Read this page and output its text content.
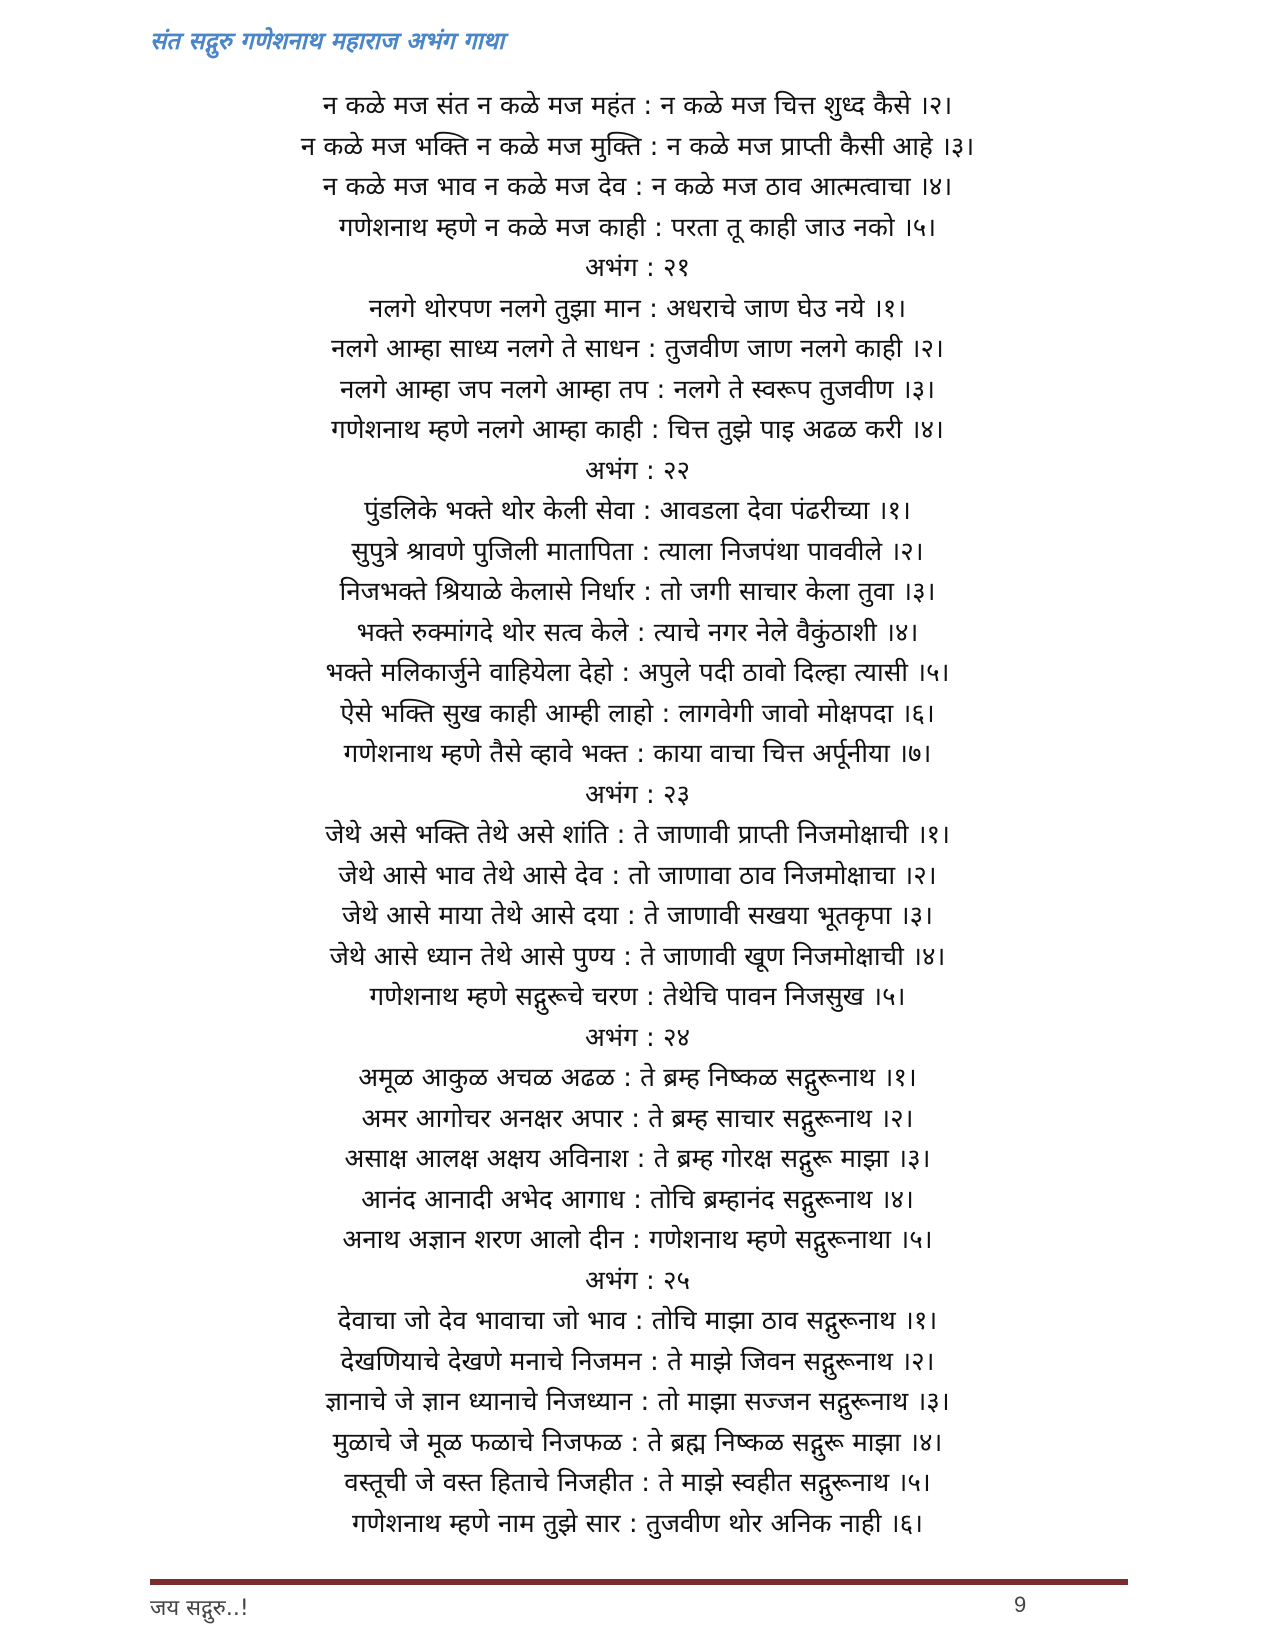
संत सद्गुरु गणेशनाथ महाराज अभंग गाथा
न कळे मज संत न कळे मज महंत : न कळे मज चित्त शुध्द कैसे ।२।
न कळे मज भक्ति न कळे मज मुक्ति : न कळे मज प्राप्ती कैसी आहे ।३।
न कळे मज भाव न कळे मज देव : न कळे मज ठाव आत्मत्वाचा ।४।
गणेशनाथ म्हणे न कळे मज काही : परता तू काही जाउ नको ।५।
अभंग : २१
नलगे थोरपण नलगे तुझा मान : अधराचे जाण घेउ नये ।१।
नलगे आम्हा साध्य नलगे ते साधन : तुजवीण जाण नलगे काही ।२।
नलगे आम्हा जप नलगे आम्हा तप : नलगे ते स्वरूप तुजवीण ।३।
गणेशनाथ म्हणे नलगे आम्हा काही : चित्त तुझे पाइ अढळ करी ।४।
अभंग : २२
पुंडलिके भक्ते थोर केली सेवा : आवडला देवा पंढरीच्या ।१।
सुपुत्रे श्रावणे पुजिली मातापिता : त्याला निजपंथा पाववीले ।२।
निजभक्ते श्रियाळे केलासे निर्धार : तो जगी साचार केला तुवा ।३।
भक्ते रुक्मांगदे थोर सत्व केले : त्याचे नगर नेले वैकुंठाशी ।४।
भक्ते मलिकार्जुने वाहियेला देहो : अपुले पदी ठावो दिल्हा त्यासी ।५।
ऐसे भक्ति सुख काही आम्ही लाहो : लागवेगी जावो मोक्षपदा ।६।
गणेशनाथ म्हणे तैसे व्हावे भक्त : काया वाचा चित्त अर्पूनीया ।७।
अभंग : २३
जेथे असे भक्ति तेथे असे शांति : ते जाणावी प्राप्ती निजमोक्षाची ।१।
जेथे आसे भाव तेथे आसे देव : तो जाणावा ठाव निजमोक्षाचा ।२।
जेथे आसे माया तेथे आसे दया : ते जाणावी सखया भूतकृपा ।३।
जेथे आसे ध्यान तेथे आसे पुण्य : ते जाणावी खूण निजमोक्षाची ।४।
गणेशनाथ म्हणे सद्गुरूचे चरण : तेथेचि पावन निजसुख ।५।
अभंग : २४
अमूळ आकुळ अचळ अढळ : ते ब्रम्ह निष्कळ सद्गुरूनाथ ।१।
अमर आगोचर अनक्षर अपार : ते ब्रम्ह साचार सद्गुरूनाथ ।२।
असाक्ष आलक्ष अक्षय अविनाश : ते ब्रम्ह गोरक्ष सद्गुरू माझा ।३।
आनंद आनादी अभेद आगाध : तोचि ब्रम्हानंद सद्गुरूनाथ ।४।
अनाथ अज्ञान शरण आलो दीन : गणेशनाथ म्हणे सद्गुरूनाथा ।५।
अभंग : २५
देवाचा जो देव भावाचा जो भाव : तोचि माझा ठाव सद्गुरूनाथ ।१।
देखणियाचे देखणे मनाचे निजमन : ते माझे जिवन सद्गुरूनाथ ।२।
ज्ञानाचे जे ज्ञान ध्यानाचे निजध्यान : तो माझा सज्जन सद्गुरूनाथ ।३।
मुळाचे जे मूळ फळाचे निजफळ : ते ब्रह्म निष्कळ सद्गुरू माझा ।४।
वस्तूची जे वस्त हिताचे निजहीत : ते माझे स्वहीत सद्गुरूनाथ ।५।
गणेशनाथ म्हणे नाम तुझे सार : तुजवीण थोर अनिक नाही ।६।
जय सद्गुरु..!	9
